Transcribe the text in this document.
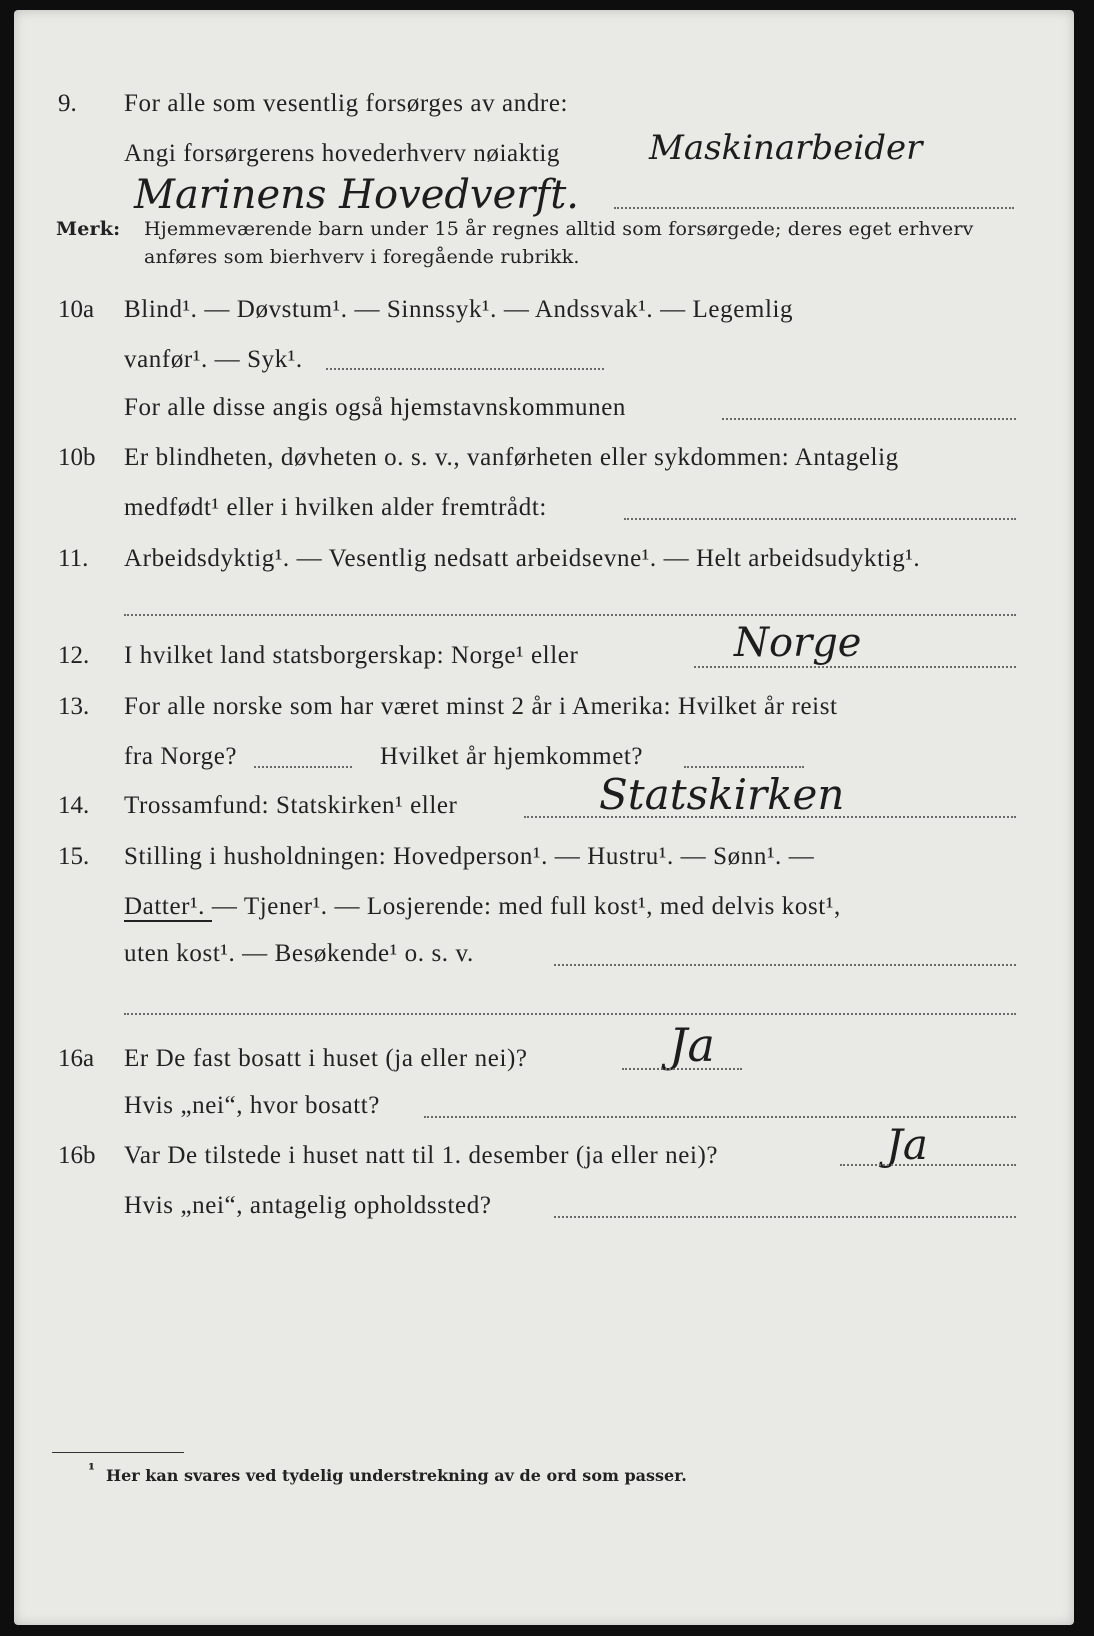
9. For alle som vesentlig forsørges av andre:
Angi forsørgerens hovederhverv nøiaktig	Maskinarbeider
Marinens Hovedverft.
Merk: Hjemmeværende barn under 15 år regnes alltid som forsørgede; deres eget erhverv
anføres som bierhverv i foregående rubrikk.
10a Blind¹. — Døvstum¹. — Sinnssyk¹. — Andssvak¹. — Legemlig
vanfør¹. — Syk¹.
For alle disse angis også hjemstavnskommunen
10b Er blindheten, døvheten o. s. v., vanførheten eller sykdommen: Antagelig
medfødt¹ eller i hvilken alder fremtrådt:
11. Arbeidsdyktig¹. — Vesentlig nedsatt arbeidsevne¹. — Helt arbeidsudyktig¹.
12. I hvilket land statsborgerskap: Norge¹ eller	Norge
13. For alle norske som har været minst 2 år i Amerika: Hvilket år reist
fra Norge?	Hvilket år hjemkommet?
14. Trossamfund: Statskirken¹ eller	Statskirken
15. Stilling i husholdningen: Hovedperson¹. — Hustru¹. — Sønn¹. —
Datter¹. — Tjener¹. — Losjerende: med full kost¹, med delvis kost¹,
uten kost¹. — Besøkende¹ o. s. v.
16a Er De fast bosatt i huset (ja eller nei)?	Ja
Hvis „nei“, hvor bosatt?
16b Var De tilstede i huset natt til 1. desember (ja eller nei)?	Ja
Hvis „nei“, antagelig opholdssted?
¹ Her kan svares ved tydelig understrekning av de ord som passer.
